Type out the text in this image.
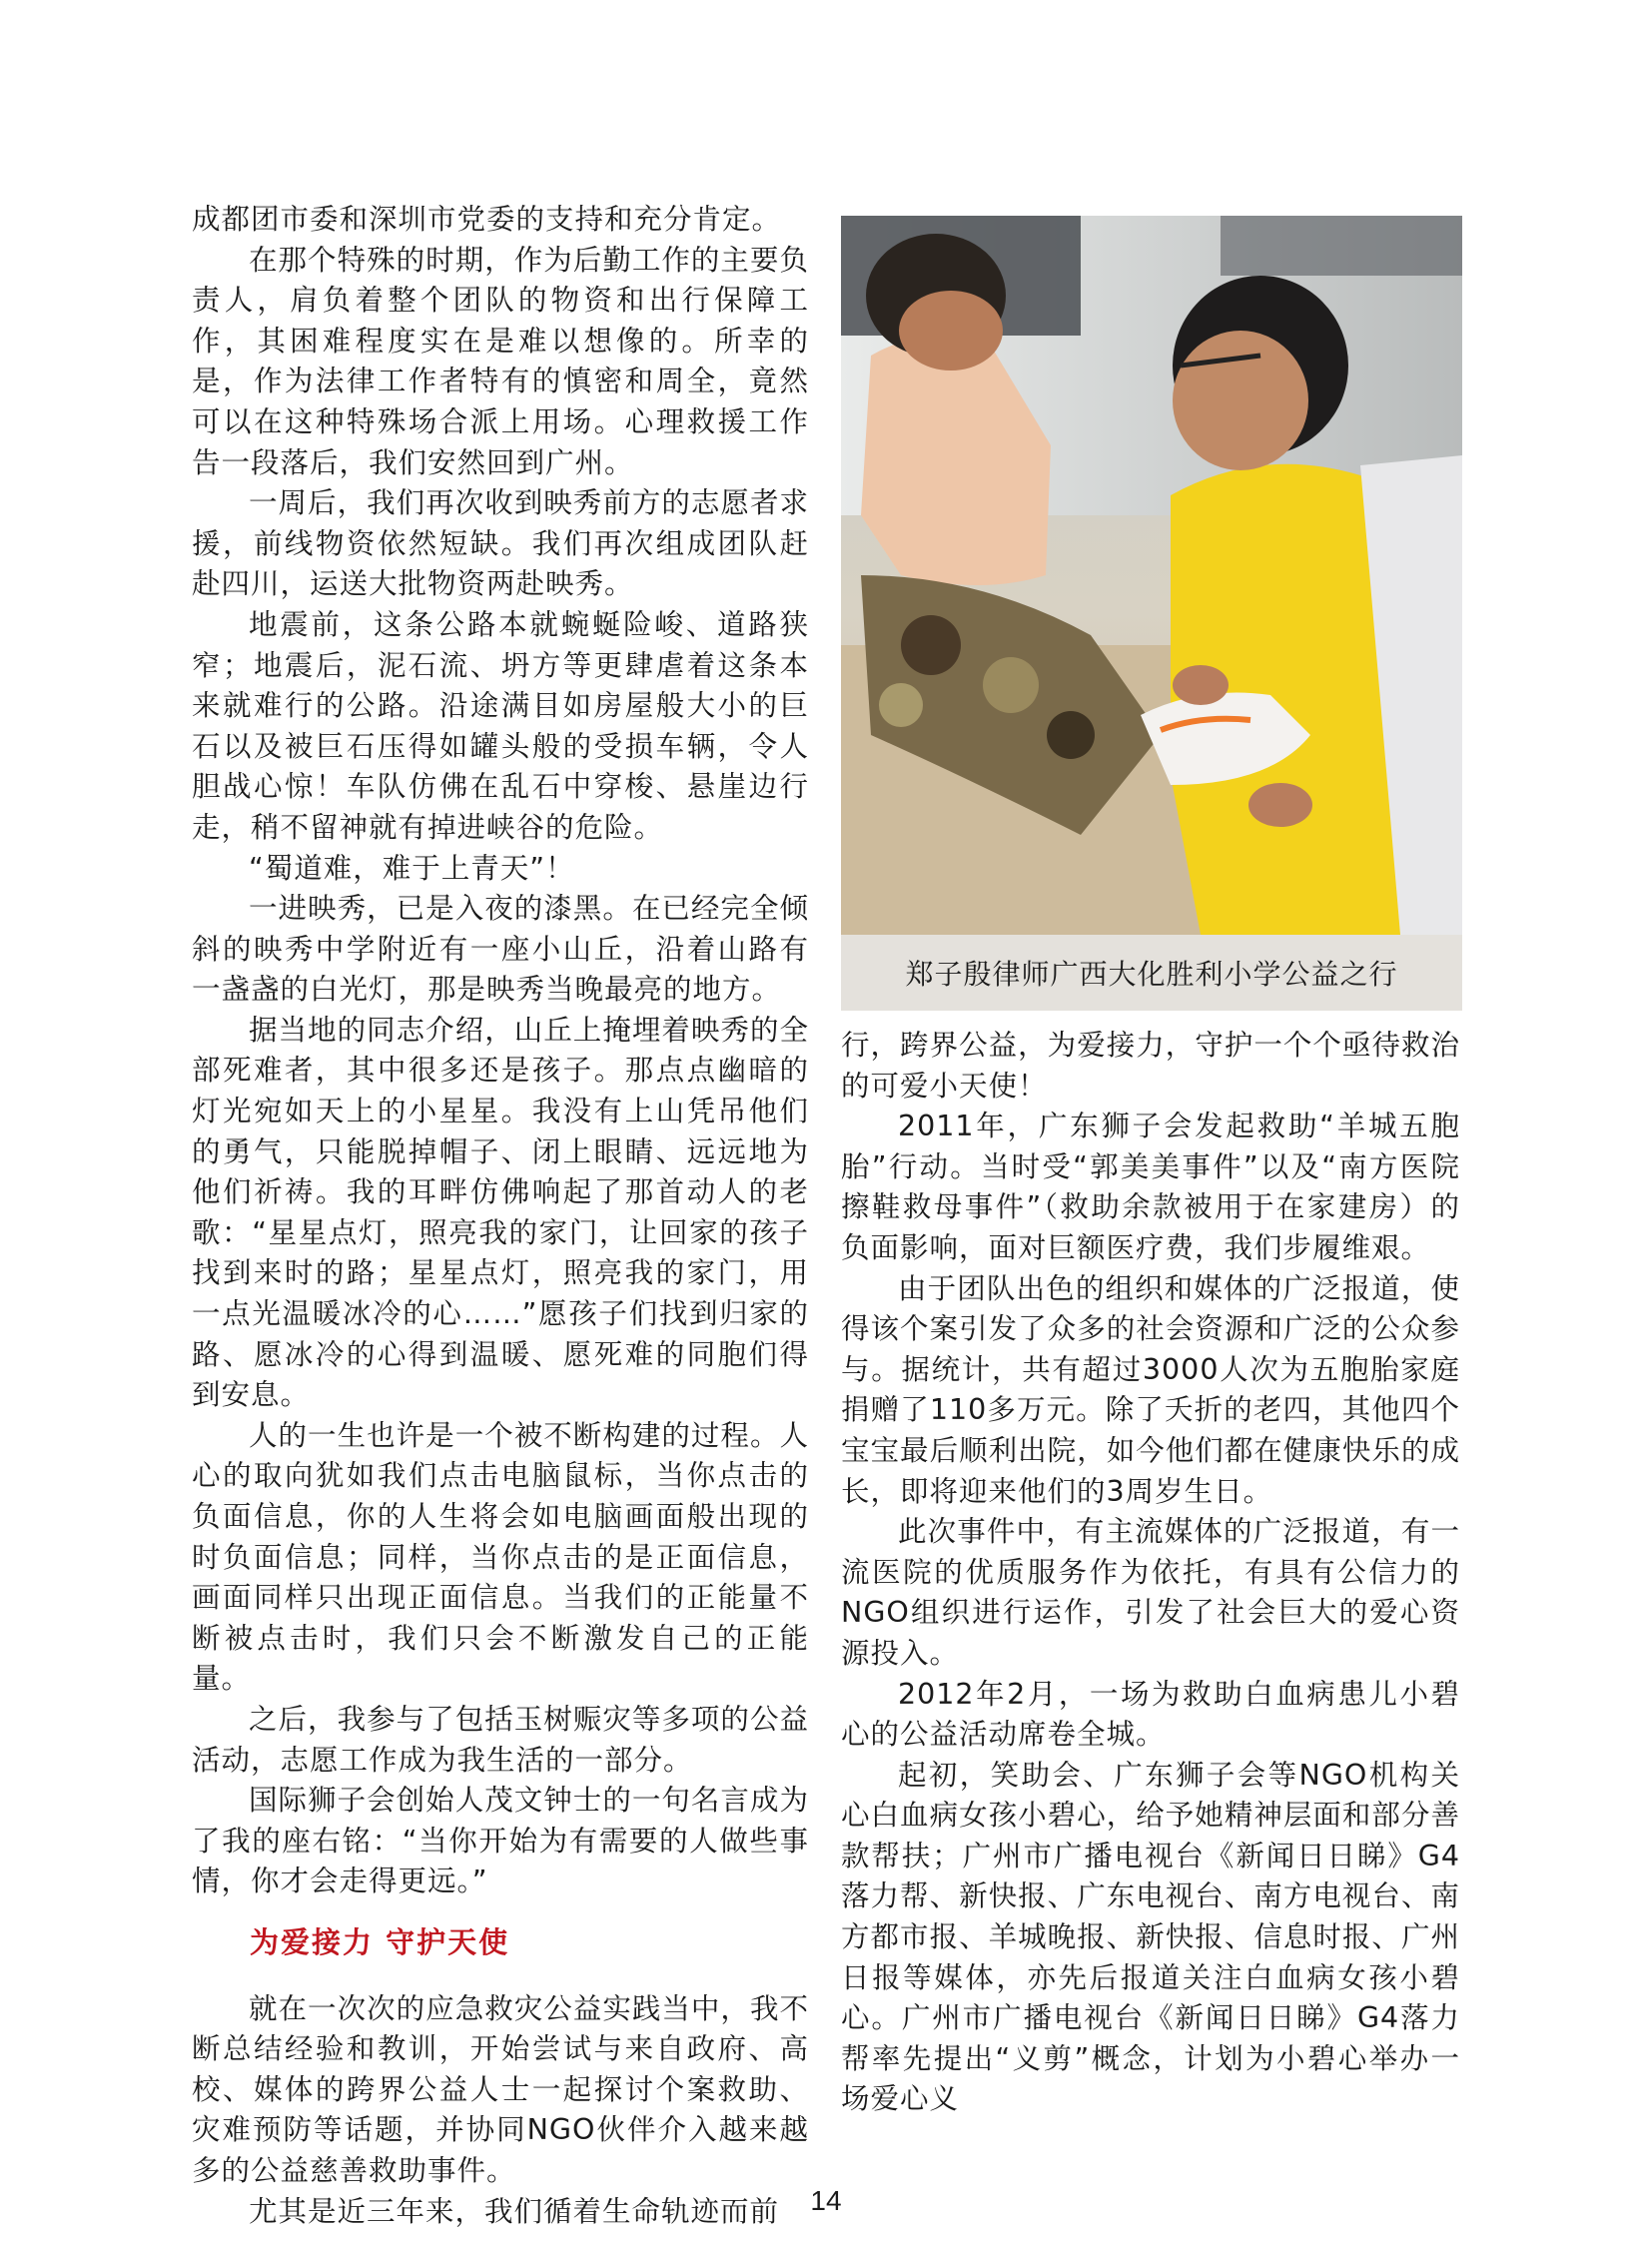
成都团市委和深圳市党委的支持和充分肯定。

在那个特殊的时期，作为后勤工作的主要负责人，肩负着整个团队的物资和出行保障工作，其困难程度实在是难以想像的。所幸的是，作为法律工作者特有的慎密和周全，竟然可以在这种特殊场合派上用场。心理救援工作告一段落后，我们安然回到广州。

一周后，我们再次收到映秀前方的志愿者求援，前线物资依然短缺。我们再次组成团队赶赴四川，运送大批物资两赴映秀。

地震前，这条公路本就蜿蜒险峻、道路狭窄；地震后，泥石流、坍方等更肆虐着这条本来就难行的公路。沿途满目如房屋般大小的巨石以及被巨石压得如罐头般的受损车辆，令人胆战心惊！车队仿佛在乱石中穿梭、悬崖边行走，稍不留神就有掉进峡谷的危险。

“蜀道难，难于上青天”！

一进映秀，已是入夜的漆黑。在已经完全倾斜的映秀中学附近有一座小山丘，沿着山路有一盏盏的白光灯，那是映秀当晚最亮的地方。

据当地的同志介绍，山丘上掩埋着映秀的全部死难者，其中很多还是孩子。那点点幽暗的灯光宛如天上的小星星。我没有上山凭吊他们的勇气，只能脱掉帽子、闭上眼睛、远远地为他们祈祷。我的耳畔仿佛响起了那首动人的老歌：“星星点灯，照亮我的家门，让回家的孩子找到来时的路；星星点灯，照亮我的家门，用一点光温暖冰冷的心……”愿孩子们找到归家的路、愿冰冷的心得到温暖、愿死难的同胞们得到安息。

人的一生也许是一个被不断构建的过程。人心的取向犹如我们点击电脑鼠标，当你点击的负面信息，你的人生将会如电脑画面般出现的时负面信息；同样，当你点击的是正面信息，画面同样只出现正面信息。当我们的正能量不断被点击时，我们只会不断激发自己的正能量。

之后，我参与了包括玉树赈灾等多项的公益活动，志愿工作成为我生活的一部分。

国际狮子会创始人茂文钟士的一句名言成为了我的座右铭：“当你开始为有需要的人做些事情，你才会走得更远。”

为爱接力 守护天使

就在一次次的应急救灾公益实践当中，我不断总结经验和教训，开始尝试与来自政府、高校、媒体的跨界公益人士一起探讨个案救助、灾难预防等话题，并协同NGO伙伴介入越来越多的公益慈善救助事件。

尤其是近三年来，我们循着生命轨迹而前

郑子殷律师广西大化胜利小学公益之行

行，跨界公益，为爱接力，守护一个个亟待救治的可爱小天使！

2011年，广东狮子会发起救助“羊城五胞胎”行动。当时受“郭美美事件”以及“南方医院擦鞋救母事件”（救助余款被用于在家建房）的负面影响，面对巨额医疗费，我们步履维艰。

由于团队出色的组织和媒体的广泛报道，使得该个案引发了众多的社会资源和广泛的公众参与。据统计，共有超过3000人次为五胞胎家庭捐赠了110多万元。除了夭折的老四，其他四个宝宝最后顺利出院，如今他们都在健康快乐的成长，即将迎来他们的3周岁生日。

此次事件中，有主流媒体的广泛报道，有一流医院的优质服务作为依托，有具有公信力的NGO组织进行运作，引发了社会巨大的爱心资源投入。

2012年2月，一场为救助白血病患儿小碧心的公益活动席卷全城。

起初，笑助会、广东狮子会等NGO机构关心白血病女孩小碧心，给予她精神层面和部分善款帮扶；广州市广播电视台《新闻日日睇》G4落力帮、新快报、广东电视台、南方电视台、南方都市报、羊城晚报、新快报、信息时报、广州日报等媒体，亦先后报道关注白血病女孩小碧心。广州市广播电视台《新闻日日睇》G4落力帮率先提出“义剪”概念，计划为小碧心举办一场爱心义

14
